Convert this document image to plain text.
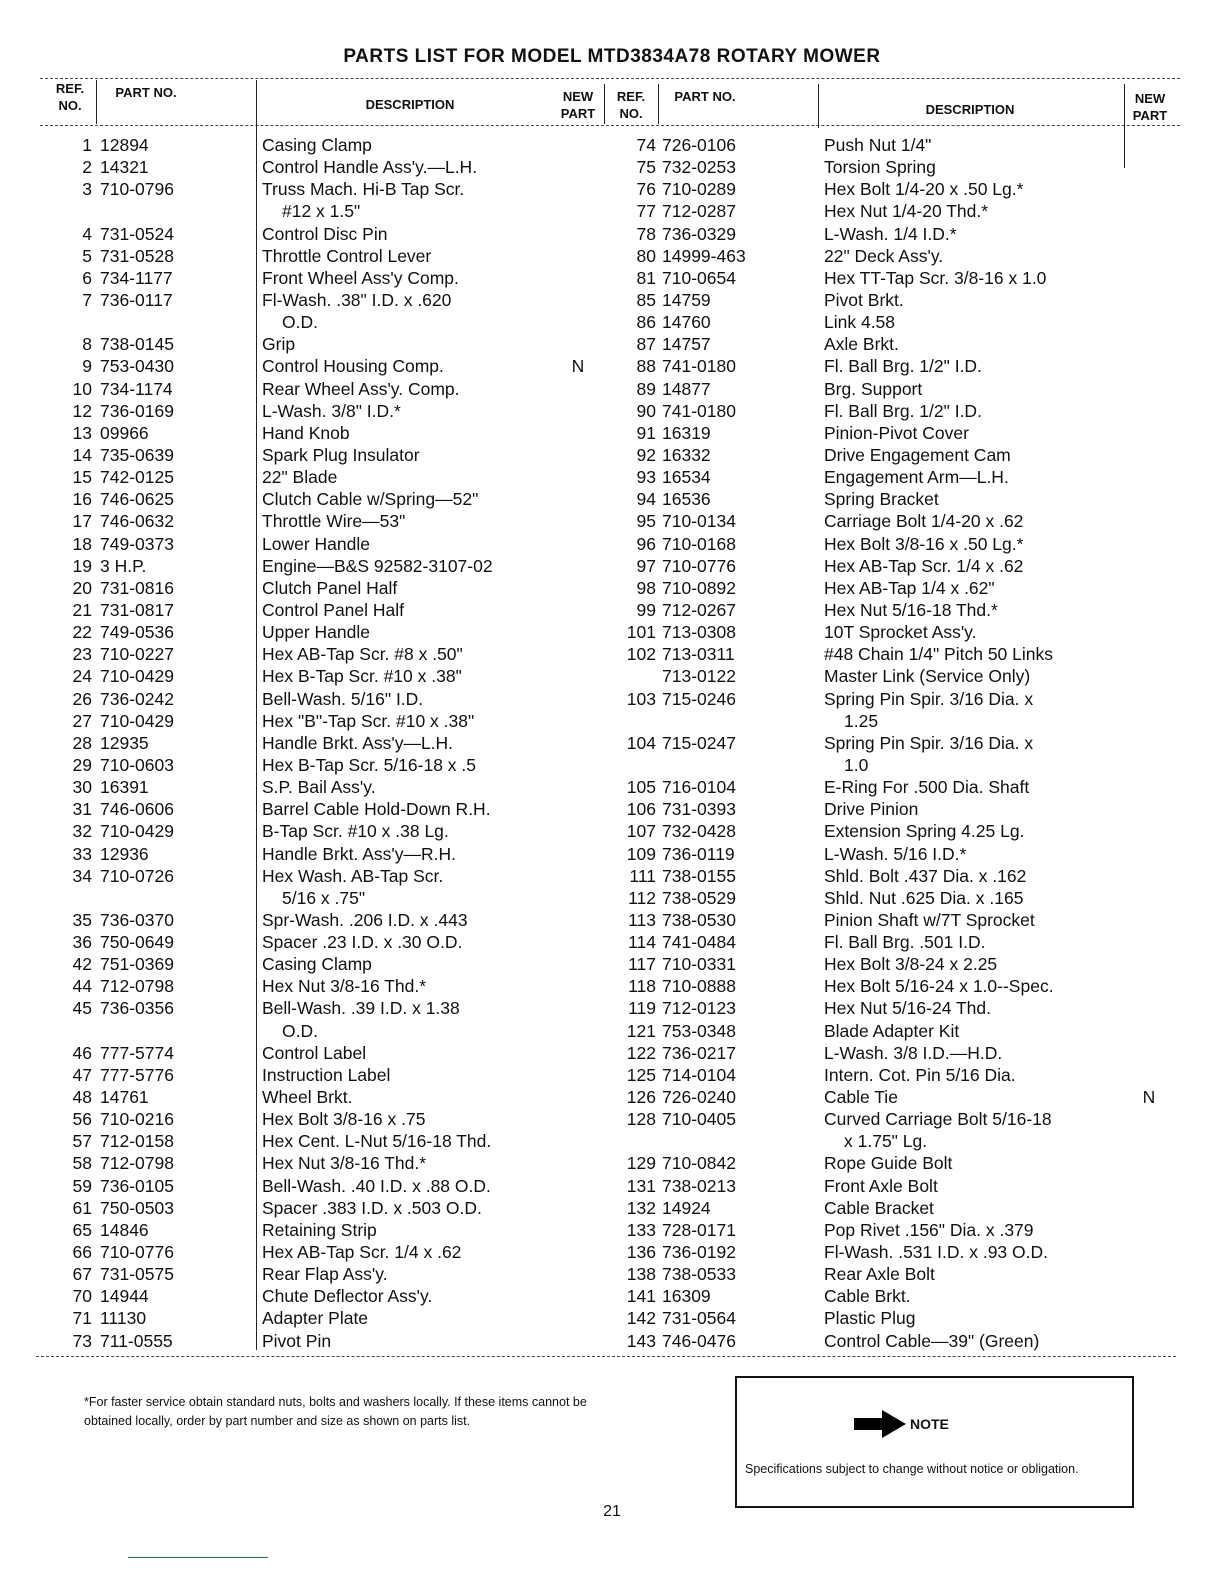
PARTS LIST FOR MODEL MTD3834A78 ROTARY MOWER
REF. NO.
PART NO.
DESCRIPTION
NEW PART
REF. NO.
PART NO.
DESCRIPTION
NEW PART
1 12894	Casing Clamp
2 14321	Control Handle Ass'y.—L.H.
3 710-0796	Truss Mach. Hi-B Tap Scr.
#12 x 1.5"
4 731-0524	Control Disc Pin
5 731-0528	Throttle Control Lever
6 734-1177	Front Wheel Ass'y Comp.
7 736-0117	Fl-Wash. .38" I.D. x .620
O.D.
8 738-0145	Grip
9 753-0430	Control Housing Comp.	N
10 734-1174	Rear Wheel Ass'y. Comp.
12 736-0169	L-Wash. 3/8" I.D.*
13 09966	Hand Knob
14 735-0639	Spark Plug Insulator
15 742-0125	22" Blade
16 746-0625	Clutch Cable w/Spring—52"
17 746-0632	Throttle Wire—53"
18 749-0373	Lower Handle
19 3 H.P.	Engine—B&S 92582-3107-02
20 731-0816	Clutch Panel Half
21 731-0817	Control Panel Half
22 749-0536	Upper Handle
23 710-0227	Hex AB-Tap Scr. #8 x .50"
24 710-0429	Hex B-Tap Scr. #10 x .38"
26 736-0242	Bell-Wash. 5/16" I.D.
27 710-0429	Hex "B"-Tap Scr. #10 x .38"
28 12935	Handle Brkt. Ass'y—L.H.
29 710-0603	Hex B-Tap Scr. 5/16-18 x .5
30 16391	S.P. Bail Ass'y.
31 746-0606	Barrel Cable Hold-Down R.H.
32 710-0429	B-Tap Scr. #10 x .38 Lg.
33 12936	Handle Brkt. Ass'y—R.H.
34 710-0726	Hex Wash. AB-Tap Scr.
5/16 x .75"
35 736-0370	Spr-Wash. .206 I.D. x .443
36 750-0649	Spacer .23 I.D. x .30 O.D.
42 751-0369	Casing Clamp
44 712-0798	Hex Nut 3/8-16 Thd.*
45 736-0356	Bell-Wash. .39 I.D. x 1.38
O.D.
46 777-5774	Control Label
47 777-5776	Instruction Label
48 14761	Wheel Brkt.
56 710-0216	Hex Bolt 3/8-16 x .75
57 712-0158	Hex Cent. L-Nut 5/16-18 Thd.
58 712-0798	Hex Nut 3/8-16 Thd.*
59 736-0105	Bell-Wash. .40 I.D. x .88 O.D.
61 750-0503	Spacer .383 I.D. x .503 O.D.
65 14846	Retaining Strip
66 710-0776	Hex AB-Tap Scr. 1/4 x .62
67 731-0575	Rear Flap Ass'y.
70 14944	Chute Deflector Ass'y.
71 11130	Adapter Plate
73 711-0555	Pivot Pin
74 726-0106	Push Nut 1/4"
75 732-0253	Torsion Spring
76 710-0289	Hex Bolt 1/4-20 x .50 Lg.*
77 712-0287	Hex Nut 1/4-20 Thd.*
78 736-0329	L-Wash. 1/4 I.D.*
80 14999-463	22" Deck Ass'y.
81 710-0654	Hex TT-Tap Scr. 3/8-16 x 1.0
85 14759	Pivot Brkt.
86 14760	Link 4.58
87 14757	Axle Brkt.
88 741-0180	Fl. Ball Brg. 1/2" I.D.
89 14877	Brg. Support
90 741-0180	Fl. Ball Brg. 1/2" I.D.
91 16319	Pinion-Pivot Cover
92 16332	Drive Engagement Cam
93 16534	Engagement Arm—L.H.
94 16536	Spring Bracket
95 710-0134	Carriage Bolt 1/4-20 x .62
96 710-0168	Hex Bolt 3/8-16 x .50 Lg.*
97 710-0776	Hex AB-Tap Scr. 1/4 x .62
98 710-0892	Hex AB-Tap 1/4 x .62"
99 712-0267	Hex Nut 5/16-18 Thd.*
101 713-0308	10T Sprocket Ass'y.
102 713-0311	#48 Chain 1/4" Pitch 50 Links
713-0122	Master Link (Service Only)
103 715-0246	Spring Pin Spir. 3/16 Dia. x
1.25
104 715-0247	Spring Pin Spir. 3/16 Dia. x
1.0
105 716-0104	E-Ring For .500 Dia. Shaft
106 731-0393	Drive Pinion
107 732-0428	Extension Spring 4.25 Lg.
109 736-0119	L-Wash. 5/16 I.D.*
111 738-0155	Shld. Bolt .437 Dia. x .162
112 738-0529	Shld. Nut .625 Dia. x .165
113 738-0530	Pinion Shaft w/7T Sprocket
114 741-0484	Fl. Ball Brg. .501 I.D.
117 710-0331	Hex Bolt 3/8-24 x 2.25
118 710-0888	Hex Bolt 5/16-24 x 1.0--Spec.
119 712-0123	Hex Nut 5/16-24 Thd.
121 753-0348	Blade Adapter Kit
122 736-0217	L-Wash. 3/8 I.D.—H.D.
125 714-0104	Intern. Cot. Pin 5/16 Dia.
126 726-0240	Cable Tie	N
128 710-0405	Curved Carriage Bolt 5/16-18
x 1.75" Lg.
129 710-0842	Rope Guide Bolt
131 738-0213	Front Axle Bolt
132 14924	Cable Bracket
133 728-0171	Pop Rivet .156" Dia. x .379
136 736-0192	Fl-Wash. .531 I.D. x .93 O.D.
138 738-0533	Rear Axle Bolt
141 16309	Cable Brkt.
142 731-0564	Plastic Plug
143 746-0476	Control Cable—39" (Green)
*For faster service obtain standard nuts, bolts and washers locally. If these items cannot be obtained locally, order by part number and size as shown on parts list.	NOTE
Specifications subject to change without notice or obligation.
21
